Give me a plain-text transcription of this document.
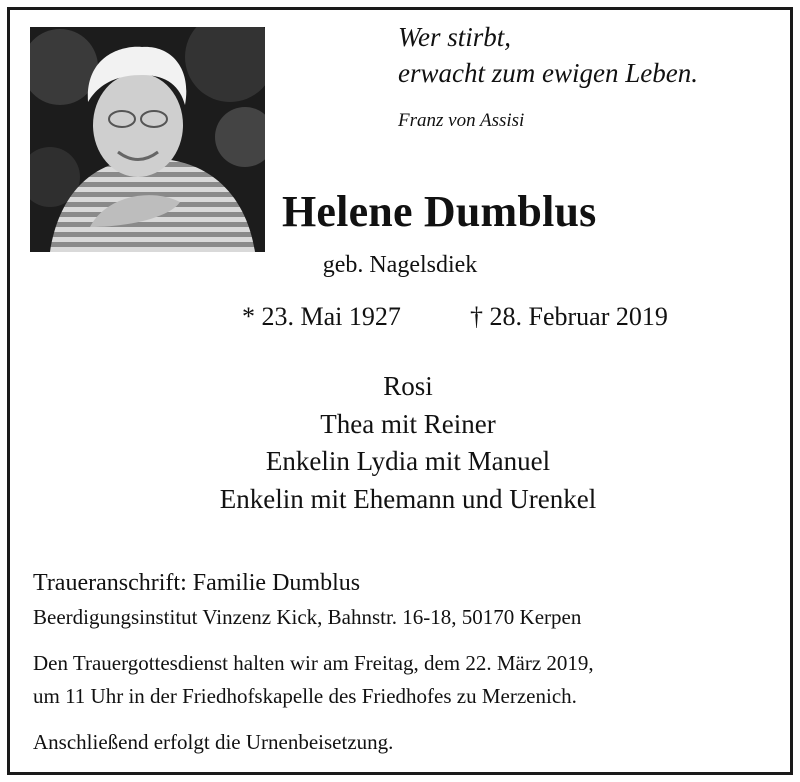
Wer stirbt,
erwacht zum ewigen Leben.
Franz von Assisi
Helene Dumblus
geb. Nagelsdiek
* 23. Mai 1927	† 28. Februar 2019
Rosi
Thea mit Reiner
Enkelin Lydia mit Manuel
Enkelin mit Ehemann und Urenkel
Traueranschrift: Familie Dumblus
Beerdigungsinstitut Vinzenz Kick, Bahnstr. 16-18, 50170 Kerpen
Den Trauergottesdienst halten wir am Freitag, dem 22. März 2019,
um 11 Uhr in der Friedhofskapelle des Friedhofes zu Merzenich.
Anschließend erfolgt die Urnenbeisetzung.
